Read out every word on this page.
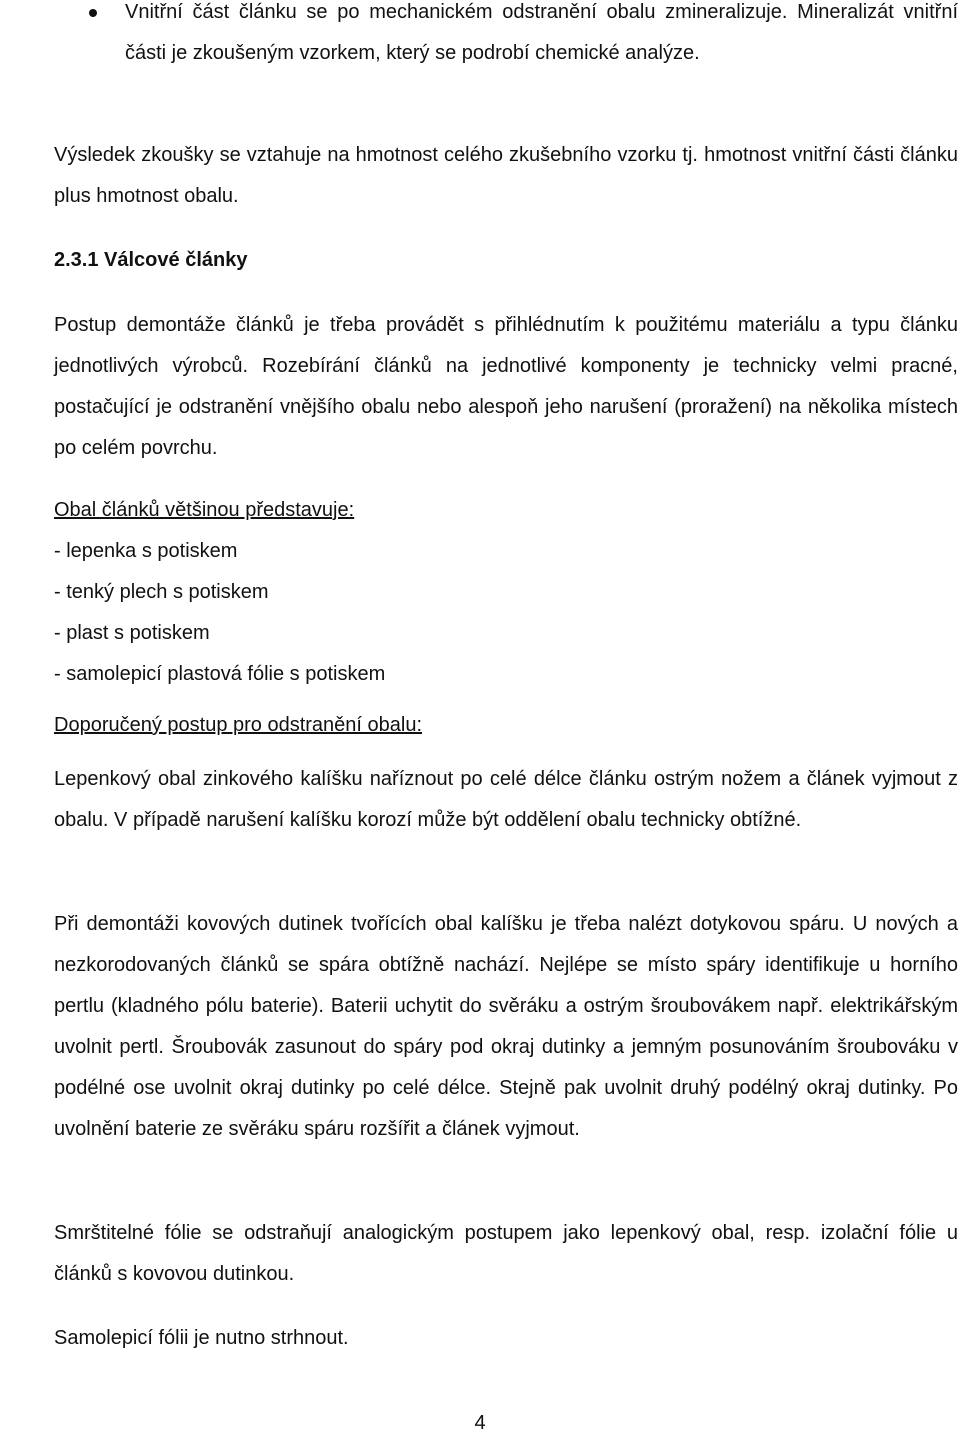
Vnitřní část článku se po mechanickém odstranění obalu zmineralizuje. Mineralizát vnitřní části je zkoušeným vzorkem, který se podrobí chemické analýze.

Výsledek zkoušky se vztahuje na hmotnost celého zkušebního vzorku tj. hmotnost vnitřní části článku plus hmotnost obalu.

2.3.1 Válcové články

Postup demontáže článků je třeba provádět s přihlédnutím k použitému materiálu a typu článku jednotlivých výrobců. Rozebírání článků na jednotlivé komponenty je technicky velmi pracné, postačující je odstranění vnějšího obalu nebo alespoň jeho narušení (proražení) na několika místech po celém povrchu.

Obal článků většinou představuje:
- lepenka s potiskem
- tenký plech s potiskem
- plast s potiskem
- samolepicí plastová fólie s potiskem
Doporučený postup pro odstranění obalu:

Lepenkový obal zinkového kalíšku naříznout po celé délce článku ostrým nožem a článek vyjmout z obalu. V případě narušení kalíšku korozí může být oddělení obalu technicky obtížné.

Při demontáži kovových dutinek tvořících obal kalíšku je třeba nalézt dotykovou spáru. U nových a nezkorodovaných článků se spára obtížně nachází. Nejlépe se místo spáry identifikuje u horního pertlu (kladného pólu baterie). Baterii uchytit do svěráku a ostrým šroubovákem např. elektrikářským uvolnit pertl. Šroubovák zasunout do spáry pod okraj dutinky a jemným posunováním šroubováku v podélné ose uvolnit okraj dutinky po celé délce. Stejně pak uvolnit druhý podélný okraj dutinky. Po uvolnění baterie ze svěráku spáru rozšířit a článek vyjmout.

Smrštitelné fólie se odstraňují analogickým postupem jako lepenkový obal, resp. izolační fólie u článků s kovovou dutinkou.

Samolepicí fólii je nutno strhnout.

4
